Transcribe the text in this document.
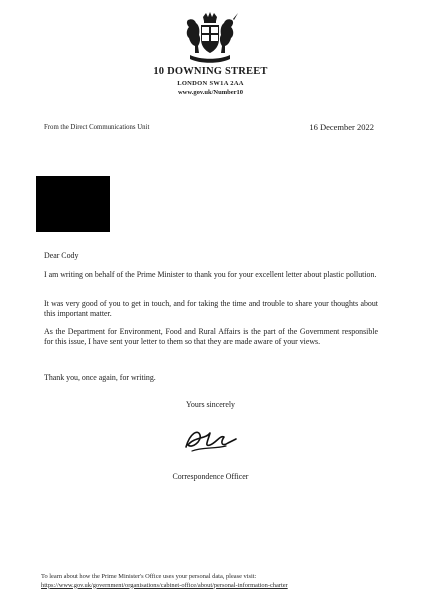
10 DOWNING STREET
LONDON SW1A 2AA
www.gov.uk/Number10
From the Direct Communications Unit	16 December 2022

Dear Cody

I am writing on behalf of the Prime Minister to thank you for your excellent letter about plastic pollution.

It was very good of you to get in touch, and for taking the time and trouble to share your thoughts about this important matter.

As the Department for Environment, Food and Rural Affairs is the part of the Government responsible for this issue, I have sent your letter to them so that they are made aware of your views.

Thank you, once again, for writing.

Yours sincerely
Correspondence Officer
To learn about how the Prime Minister's Office uses your personal data, please visit:
https://www.gov.uk/government/organisations/cabinet-office/about/personal-information-charter
